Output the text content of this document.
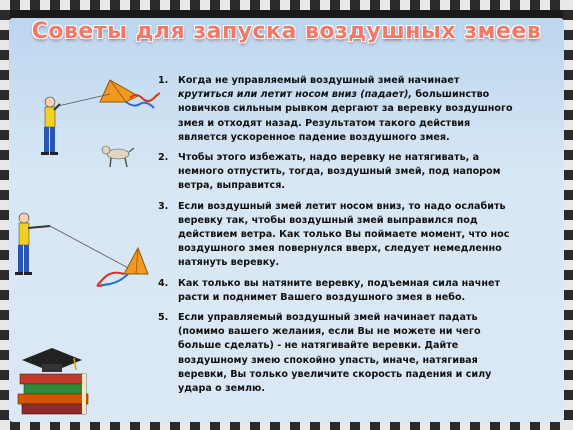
Советы для запуска воздушных змеев
1. Когда не управляемый воздушный змей начинает крутиться или летит носом вниз (падает), большинство новичков сильным рывком дергают за веревку воздушного змея и отходят назад. Результатом такого действия является ускоренное падение воздушного змея.
2. Чтобы этого избежать, надо веревку не натягивать, а немного отпустить, тогда, воздушный змей, под напором ветра, выправится.
3. Если воздушный змей летит носом вниз, то надо ослабить веревку так, чтобы воздушный змей выправился под действием ветра. Как только Вы поймаете момент, что нос воздушного змея повернулся вверх, следует немедленно натянуть веревку.
4. Как только вы натяните веревку, подъемная сила начнет расти и поднимет Вашего воздушного змея в небо.
5. Если управляемый воздушный змей начинает падать (помимо вашего желания, если Вы не можете ни чего больше сделать) - не натягивайте веревки. Дайте воздушному змею спокойно упасть, иначе, натягивая веревки, Вы только увеличите скорость падения и силу удара о землю.
